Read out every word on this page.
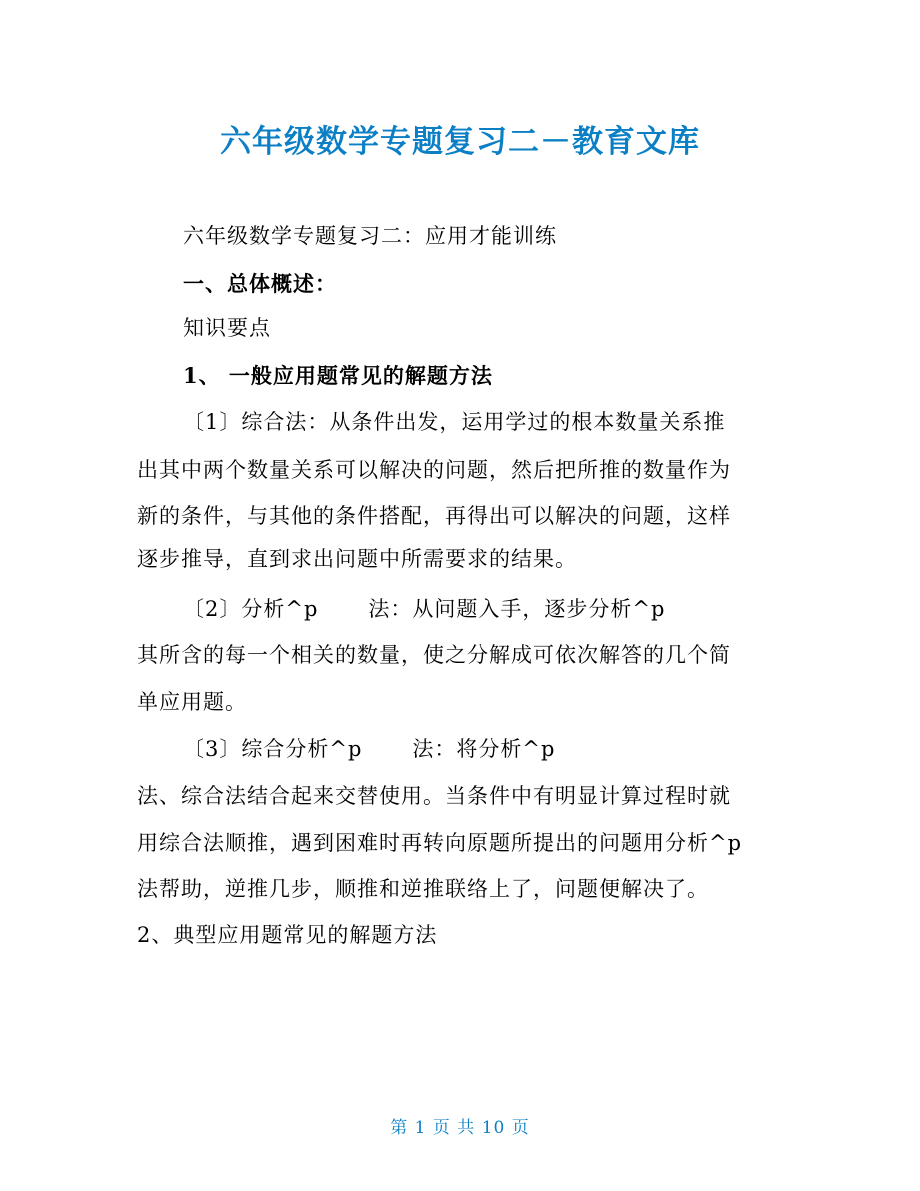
六年级数学专题复习二－教育文库
六年级数学专题复习二：应用才能训练
一、总体概述：
知识要点
1、 一般应用题常见的解题方法
〔1〕综合法：从条件出发，运用学过的根本数量关系推
出其中两个数量关系可以解决的问题，然后把所推的数量作为
新的条件，与其他的条件搭配，再得出可以解决的问题，这样
逐步推导，直到求出问题中所需要求的结果。
〔2〕分析^p 法：从问题入手，逐步分析^p
其所含的每一个相关的数量，使之分解成可依次解答的几个简
单应用题。
〔3〕综合分析^p 法：将分析^p
法、综合法结合起来交替使用。当条件中有明显计算过程时就
用综合法顺推，遇到困难时再转向原题所提出的问题用分析^p
法帮助，逆推几步，顺推和逆推联络上了，问题便解决了。
2、典型应用题常见的解题方法
第 1 页 共 10 页
